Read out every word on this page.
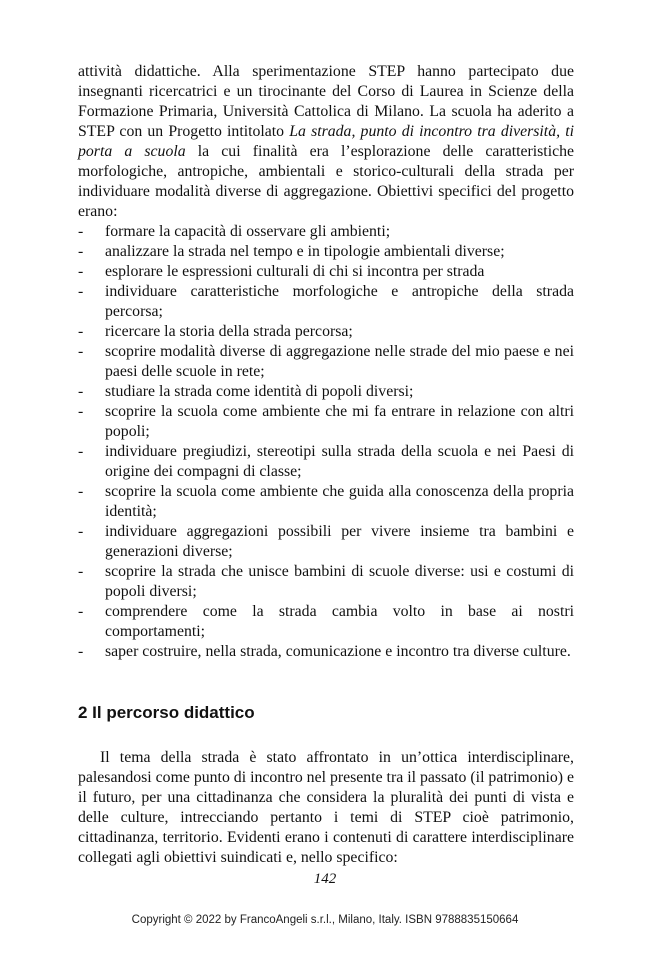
attività didattiche. Alla sperimentazione STEP hanno partecipato due insegnanti ricercatrici e un tirocinante del Corso di Laurea in Scienze della Formazione Primaria, Università Cattolica di Milano. La scuola ha aderito a STEP con un Progetto intitolato La strada, punto di incontro tra diversità, ti porta a scuola la cui finalità era l’esplorazione delle caratteristiche morfologiche, antropiche, ambientali e storico-culturali della strada per individuare modalità diverse di aggregazione. Obiettivi specifici del progetto erano:

- formare la capacità di osservare gli ambienti;
- analizzare la strada nel tempo e in tipologie ambientali diverse;
- esplorare le espressioni culturali di chi si incontra per strada
- individuare caratteristiche morfologiche e antropiche della strada percorsa;
- ricercare la storia della strada percorsa;
- scoprire modalità diverse di aggregazione nelle strade del mio paese e nei paesi delle scuole in rete;
- studiare la strada come identità di popoli diversi;
- scoprire la scuola come ambiente che mi fa entrare in relazione con altri popoli;
- individuare pregiudizi, stereotipi sulla strada della scuola e nei Paesi di origine dei compagni di classe;
- scoprire la scuola come ambiente che guida alla conoscenza della propria identità;
- individuare aggregazioni possibili per vivere insieme tra bambini e generazioni diverse;
- scoprire la strada che unisce bambini di scuole diverse: usi e costumi di popoli diversi;
- comprendere come la strada cambia volto in base ai nostri comportamenti;
- saper costruire, nella strada, comunicazione e incontro tra diverse culture.
2 Il percorso didattico

Il tema della strada è stato affrontato in un’ottica interdisciplinare, palesandosi come punto di incontro nel presente tra il passato (il patrimonio) e il futuro, per una cittadinanza che considera la pluralità dei punti di vista e delle culture, intrecciando pertanto i temi di STEP cioè patrimonio, cittadinanza, territorio. Evidenti erano i contenuti di carattere interdisciplinare collegati agli obiettivi suindicati e, nello specifico:

142
Copyright © 2022 by FrancoAngeli s.r.l., Milano, Italy. ISBN 9788835150664
